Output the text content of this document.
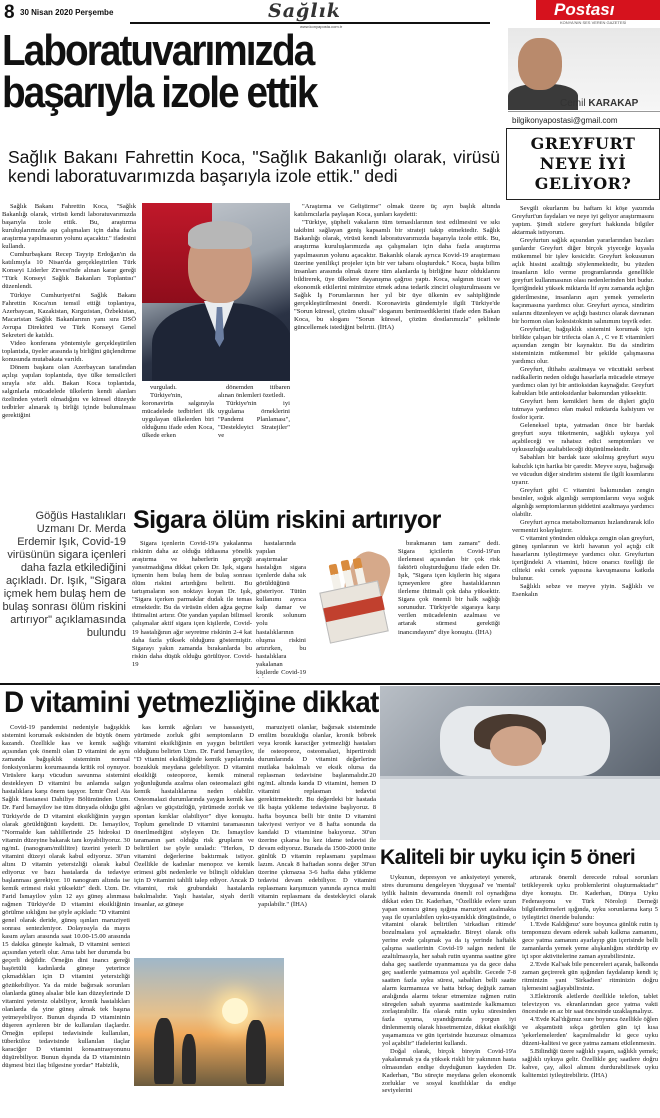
8 30 Nisan 2020 Perşembe	Sağlık
www.konyaposta.com.tr
Postası
KONYA'NIN SES VEREN GAZETESİ
Laboratuvarımızda
başarıyla izole ettik
Sağlık Bakanı Fahrettin Koca, "Sağlık Bakanlığı olarak, virüsü kendi laboratuvarımızda başarıyla izole ettik." dedi

Sağlık Bakanı Fahrettin Koca, "Sağlık Bakanlığı olarak, virüsü kendi laboratuvarımızda başarıyla izole ettik. Bu, araştırma kuruluşlarımızda aşı çalışmaları için daha fazla araştırma yapılmasının yolunu açacaktır." ifadesini kullandı.

Cumhurbaşkanı Recep Tayyip Erdoğan'ın da katılımıyla 10 Nisan'da gerçekleştirilen Türk Konseyi Liderler Zirvesi'nde alınan karar gereği "Türk Konseyi Sağlık Bakanları Toplantısı" düzenlendi.

Türkiye Cumhuriyeti'ni Sağlık Bakanı Fahrettin Koca'nın temsil ettiği toplantıya, Azerbaycan, Kazakistan, Kırgızistan, Özbekistan, Macaristan Sağlık Bakanlarının yanı sıra DSÖ Avrupa Direktörü ve Türk Konseyi Genel Sekreteri de katıldı.

Video konferans yöntemiyle gerçekleştirilen toplantıda, üyeler arasında iş birliğini güçlendirme konusunda mutabakata varıldı.

Dönem başkanı olan Azerbaycan tarafından açılışı yapılan toplantıda, üye ülke temsilcileri sırayla söz aldı. Bakan Koca toplantıda, salgınlarla mücadelede ülkelerin kendi alanları özelinden yeterli olmadığını ve küresel düzeyde tedbirler alınarak iş birliği içinde bulunulması gerektiğini

vurguladı.

Türkiye'nin, koronavirüs salgınıyla mücadelede tedbirleri ilk uygulayan ülkelerden biri olduğunu ifade eden Koca, ülkede erken

dönemden itibaren alınan önlemleri özetledi.

Türkiye'nin iyi uygulama örneklerini "Pandemi Planlaması", "Destekleyici Stratejiler" ve

"Araştırma ve Geliştirme" olmak üzere üç ayrı başlık altında katılımcılarla paylaşan Koca, şunları kaydetti:

"Türkiye, şüpheli vakaların tüm temaslılarının test edilmesini ve sıkı takibini sağlayan geniş kapsamlı bir strateji takip etmektedir. Sağlık Bakanlığı olarak, virüsü kendi laboratuvarımızda başarıyla izole ettik. Bu, araştırma kuruluşlarımızda aşı çalışmaları için daha fazla araştırma yapılmasının yolunu açacaktır. Bakanlık olarak ayrıca Kovid-19 araştırması üzerine yenilikçi projeler için bir ver tabanı oluşturduk." Koca, başta bilim insanları arasında olmak üzere tüm alanlarda iş birliğine hazır olduklarını bildirerek, üye ülkelere dayanışma çağrısı yaptı. Koca, salgının ticari ve ekonomik etkilerini minimize etmek adına tedarik zinciri oluşturulmasını ve Sağlık İş Forumlarının her yıl bir üye ülkenin ev sahipliğinde gerçekleştirilmesini önerdi. Koronavirüs gündemiyle ilgili Türkiye'de "Sorun küresel, çözüm ulusal" sloganını benimsediklerini ifade eden Bakan Koca, bu sloganı "Sorun küresel, çözüm dostlarımızla" şeklinde güncellemek istediğini belirtti. (İHA)

Cemil KARAKAP
bilgikonyapostasi@gmail.com
GREYFURT
NEYE İYİ
GELİYOR?

Sevgili okurlarım bu haftam ki köşe yazımda Greyfurt'un faydaları ve neye iyi geliyor araştırmasını yaptım. Şimdi sizlere greyfurt hakkında bilgiler aktarmak istiyorum.

Greyfurtun sağlık açısından yararlarından bazıları şunlardır Greyfurt diğer birçok yiyeceğe kıyasla mükemmel bir işlev kesicidir. Greyfurt kokusunun açlık hissini azalttığı söylenmektedir, bu yüzden insanların kilo verme programlarında genellikle greyfurt kullanmasının olası nedenlerinden biri budur. İçeriğindeki yüksek miktarda lif aynı zamanda açlığın giderilmesine, insanların aşırı yemek yemelerin kaçınmasına yardımcı olur. Greyfurt ayrıca, sindirim sularını düzenleyen ve açlığı bastırıcı olarak davranan bir hormon olan kolesistokinin salınımını teşvik eder.

Greyfurtlar, bağışıklık sistemini korumak için birlikte çalışan bir trifecta olan A , C ve E vitaminleri açısından zengin bir kaynaktır. Bu da sindirim sisteminizin mükemmel bir şekilde çalışmasına yardımcı olur.

Greyfurt, iltihabı azaltmaya ve vücuttaki serbest radikallerin neden olduğu hasarlarla mücadele etmeye yardımcı olan iyi bir antioksidan kaynağıdır. Greyfurt kabukları bile antioksidanlar bakımından yüksektir.

Greyfurt hem kemikleri hem de dişleri güçlü tutmaya yardımcı olan makul miktarda kalsiyum ve fosfor içerir.

Geleneksel tıpta, yatmadan önce bir bardak greyfurt suyu tüketmenin, sağlıklı uykuya yol açabileceği ve rahatsız edici semptomları ve uykusuzluğu azaltabileceği düşünülmektedir.

Sabahları bir bardak taze sıkılmış greyfurt suyu kabızlık için harika bir çaredir. Meyve suyu, bağırsağı ve vücudun diğer sindirim sistemi ile ilgili kısımlarını uyarır.

Greyfurt gibi C vitamini bakımından zengin besinler, soğuk algınlığı semptomlarını veya soğuk algınlığı semptomlarının şiddetini azaltmaya yardımcı olabilir.

Greyfurt ayrıca metabolizmanızı hızlandırarak kilo vermenizi kolaylaştırır.

C vitamini yönünden oldukça zengin olan greyfurt, güneş ışınlarının ve kirli havanın yol açtığı cilt hasarlarını iyileştirmeye yardımcı olur. Greyfurtun içeriğindeki A vitamini, hücre onarıcı özelliği ile ciltteki eski cenek yapısına kavuşmasına katkıda bulunur.

Sağlıklı sebze ve meyve yiyin. Sağlıklı ve Esenkalın

Göğüs Hastalıkları Uzmanı Dr. Merda Erdemir Işık, Covid-19 virüsünün sigara içenleri daha fazla etkilediğini açıkladı. Dr. Işık, "Sigara içmek hem bulaş hem de bulaş sonrası ölüm riskini artırıyor" açıklamasında bulundu
Sigara ölüm riskini artırıyor

Sigara içenlerin Covid-19'a yakalanma riskinin daha az olduğu iddiasına yönelik araştırma ve haberlerin gerçeği yansıtmadığına dikkat çeken Dr. Işık, sigara içmenin hem bulaş hem de bulaş sonrası ölüm riskini artırdığını belirtti. Bu tartışmaların son noktayı koyan Dr. Işık, "Sigara içerken parmaklar dudak ile temas etmektedir. Bu da virüsün elden ağza geçme ihtimalini artırır. Öte yandan yapılan bilimsel çalışmalar aktif sigara içen kişilerde, Covid-19 hastalığının ağır seyretme riskinin 2-4 kat daha fazla yüksek olduğunu göstermiştir. Sigarayı yakın zamanda bırakanlarda bu riskin daha düşük olduğu görülüyor. Covid-19

hastalarında yapılan araştırmalar hastalığın sigara içenlerde daha sık görüldüğünü gösteriyor. Tütün kullanımı ayrıca kalp damar ve kronik solunum yolu hastalıklarının oluşma riskini artırırken, bu hastalıklara yakalanan kişilerde Covid-19

bırakmanın tam zamanı" dedi. Sigara içicilerin Covid-19'un ilerlemesi açısından bir çok risk faktörü oluşturduğunu ifade eden Dr. Işık, "Sigara içen kişilerin hiç sigara içmeyenlere göre hastalıklarının ilerleme ihtimali çok daha yüksektir. Sigara çok önemli bir halk sağlığı sorunudur. Türkiye'de sigaraya karşı verilen mücadelenin azalması ve artarak sürmesi gerektiği inancındayım" diye konuştu. (İHA)

D vitamini yetmezliğine dikkat

Covid-19 pandemisi nedeniyle bağışıklık sistemini korumak eskisinden de büyük önem kazandı. Özellikle kas ve kemik sağlığı açısından çok önemli olan D vitamini de aynı zamanda bağışıklık sisteminin normal fonksiyonlarını korumasında kritik rol oynuyor. Virüslere karşı vücudun savunma sistemini destekleyen D vitamini bu anlamda salgın hastalıklara karşı önem taşıyor. İzmir Özel Ata Sağlık Hastanesi Dahiliye Bölümünden Uzm. Dr. Fard İsmayilov ise tüm dünyada olduğu gibi Türkiye'de de D vitamini eksikliğinin yaygın olarak görüldüğünü kaydetti. Dr. İsmayilov, "Normalde kan tahlillerinde 25 hidroksi D vitamin düzeyine bakarak tanı koyabiliyoruz. 30 ng/mL (nanogram/mililitre) üzerini yeterli D vitamini düzeyi olarak kabul ediyoruz. 30'un altını D vitamin yetersizliği olarak kabul ediyoruz ve bazı hastalarda da tedaviye başlanması gerekiyor. 10 nanogram altında ise kemik erimesi riski yüksektir" dedi. Uzm. Dr. Farid İsmayilov yılın 12 ayı güneş alınmasa rağmen Türkiye'de D vitamini eksikliğinin görülme sıklığını ise şöyle açıkladı: "D vitamini genel olarak deride, güneş ışınları maruziyeti sonrası sentezleniyor. Dolayısıyla da mayıs kasım ayları arasında saat 10.00-15.00 arasında 15 dakika güneşte kalmak, D vitamini sentezi açısından yeterli olur. Ama tabi her durumda bu geçerli değildir. Örneğin dini inancı gereği başörtülü kadınlarda güneşe yeterince çıkmadıkları için D vitamini yetersizliği gözükebiliyor. Ya da mide bağırsak sorunları olanlarda güneş alsalar bile kan düzeylerinde D vitamini yetersiz olabiliyor, kronik hastalıkları olanlarda da yine güneş almak tek başına yetmeyebiliyor. Bunun dışında D vitamininin düşeren ayrıleren bir de kullanılan ilaçlardır. Örneğin epilepsi tedavisinde kullanılan, tüberküloz tedavisinde kullanılan ilaçlar karaciğer D vitamini konsantrasyonunu düşürebiliyor. Bunun dışında da D vitamininin düşmesi bizi ilaç bilgesine yordar" Habizlik,

kas kemik ağrıları ve hassasiyeti, yürümede zorluk gibi semptomların D vitamini eksikliğinin en yaygın belirtileri olduğunu belirten Uzm. Dr. Farid İsmayilov, "D vitamini eksikliğinde kemik yapılarında bozukluk meydana gelebiliyor. D vitamini eksikliği osteoporoz, kemik mineral yoğunluğunda azalma olan osteomalazi gibi kemik hastalıklarına neden olabilir. Osteomalazi durumlarında yaygın kemik kas ağrıları ve güçsüzlüğü, yürümede zorluk ve spontan kırıklar olabiliyor" diye konuştu. Toplum genelinde D vitamini taramasının önerilmediğini söyleyen Dr. İsmayilov taramanın şart olduğu risk grupların ve belirtileri ise şöyle sıraladı: "Herkes, D vitamini değerlerine baktırmak istiyor. Özellikle de kadınlar menopoz ve kemik erimesi gibi nedenlerle ve bilinçli olduklan için D vitamini tahlili talep ediyor. Ancak D vitamini, risk grubundaki hastalarda bakılmalıdır. Yaşlı hastalar, siyah derili insanlar, az güneşe

maruziyeti olanlar, bağırsak sisteminde emilim bozukluğu olanlar, kronik böbrek veya kronik karaciğer yetmezliği hastaları ile osteoporoz, osteomalazi, hipertiroidi durumlarında D vitamini değerlerine mutlaka bakılmalı ve eksik olursa da replasman tedavisine başlanmalıdır.20 ng/mL altında kanda D vitamini, hemen D vitamini replasman tedavisi gerektirmektedir. Bu değerdeki bir hastada ilk başta yükleme tedavisine başlıyoruz. 8 hafta boyunca belli bir ünite D vitamini takviyesi veriyor ve 8 hafta sonunda da kandaki D vitaminine bakıyoruz. 30'un üzerine çıkarsa bu kez idame tedavisi ile devam ediyoruz. Burada da 1500-2000 ünite günlük D vitamin replasmanı yapılması lazım. Ancak 8 haftadan sonra değer 30'un üzerine çıkmazsa 3-6 hafta daha yükleme tedavisi devam edebiliyor. D vitamini replasmanı karşımızın yanında ayrıca multi vitamin replasmanı da destekleyici olarak yapılabilir." (İHA)

Kaliteli bir uyku için 5 öneri

Uykunun, depresyon ve anksiyeteyi yenerek, stres durumunu dengeleyen 'duygusal' ve 'mental' iyilik halinin devamında önemli rol oynadığına dikkat eden Dr. Kaderhan, "Özellikle evlere uzun yapan sonucu güneş ışığına maruziyet azalmakta yaşı ile uyarılabilen uyku-uyanıklık döngüsünde, o vitamini olarak belirtilen 'sirkadian ritimde' bozulmalara yol açmaktadır. Bireyi olarak ofis yerine evde çalışmak ya da iş yerinde haftalık çalışma saatlerinin Covid-19 salgın nedeni ile azaltılmasıyla, her sabah rutin uyanma saatine göre daha geç saatlerde uyanmamıza ya da gece daha geç saatlerde yatmamıza yol açabilir. Gecede 7-8 saatten fazla uyku süresi, sabahları belli saatte alarm kurmamıza ve hatta birkaç değişik zaman aralığında alarmı tekrar etmemize rağmen rutin süregelen sabah uyanma saatimizde kalkmamızı zorlaştırabilir. İfa olarak rutin uyku süresinden fazla uyuma, uyandığımızda yorgun iyi dinlenmemiş olarak hissetmemize, dikkat eksikliği yaşamamıza ve gün içerisinde huzursuz olmamıza yol açabilir" ifadelerini kullandı.

Doğal olarak, birçok bireyin Covid-19'a yakalanmak ya da yüksek riskli bir yakınının hasta olmasından endişe duyduğunun kaydeden Dr. Kaderhan, "Bu süreçte meydana gelen ekonomik zorluklar ve sosyal kısıtlılıklar da endişe seviyelerini

artırarak önemli derecede ruhsal sorunları tetikleyerek uyku problemlerini oluşturmaktadır" diye konuştu. Dr. Kaderhan, Dünya Uyku Federasyonu ve Türk Nöroloji Derneği bilgilendirmeleri ışığında, uyku sorunlarına karşı 5 iyileştirici öneride bulundu:

1.'Evde Kaldığınız' sure boyunca günlük rutin iş temponuzu devam ederek sabah kalkma zamanını, gece yatma zamanını ayarlayıp gün içerisinde belli zamanlarda yemek yeme alışkanlığını sürdürüp ev içi spor aktivitelerine zaman ayırabilirsiniz.

2.'Evde Kal'sak bile pencereleri açarak, balkonda zaman geçirerek gün ışığından faydalanıp kendi iç ritminizin yani 'Sirkadien' ritminizin doğru işlemesini sağlayabilirsiniz.

3.Elektronik aletlerde özellikle telefon, tablet televizyon vs. ekranlarından gece yatma vakti öncesinde en az bir saat öncesinde uzaklaşmalıyız.

4.'Evde Kal'dığımız sure boyunca özellikle öğlen ve akşamüstü sıkça görülen gün içi kısa 'şekerlemelerden' kaçınılmalıdır ki gece uyku düzeni-kalitesi ve gece yatma zamanı etkilenmesin.

5.Bilindiği üzere sağlıklı yaşam, sağlıklı yemek; sağlıklı uykuya gelir. Özellikle geç saatlere doğru kahve, çay, alkol alımını durdurabilirsek uyku kalitemizi iyileştirebiliriz. (İHA)
